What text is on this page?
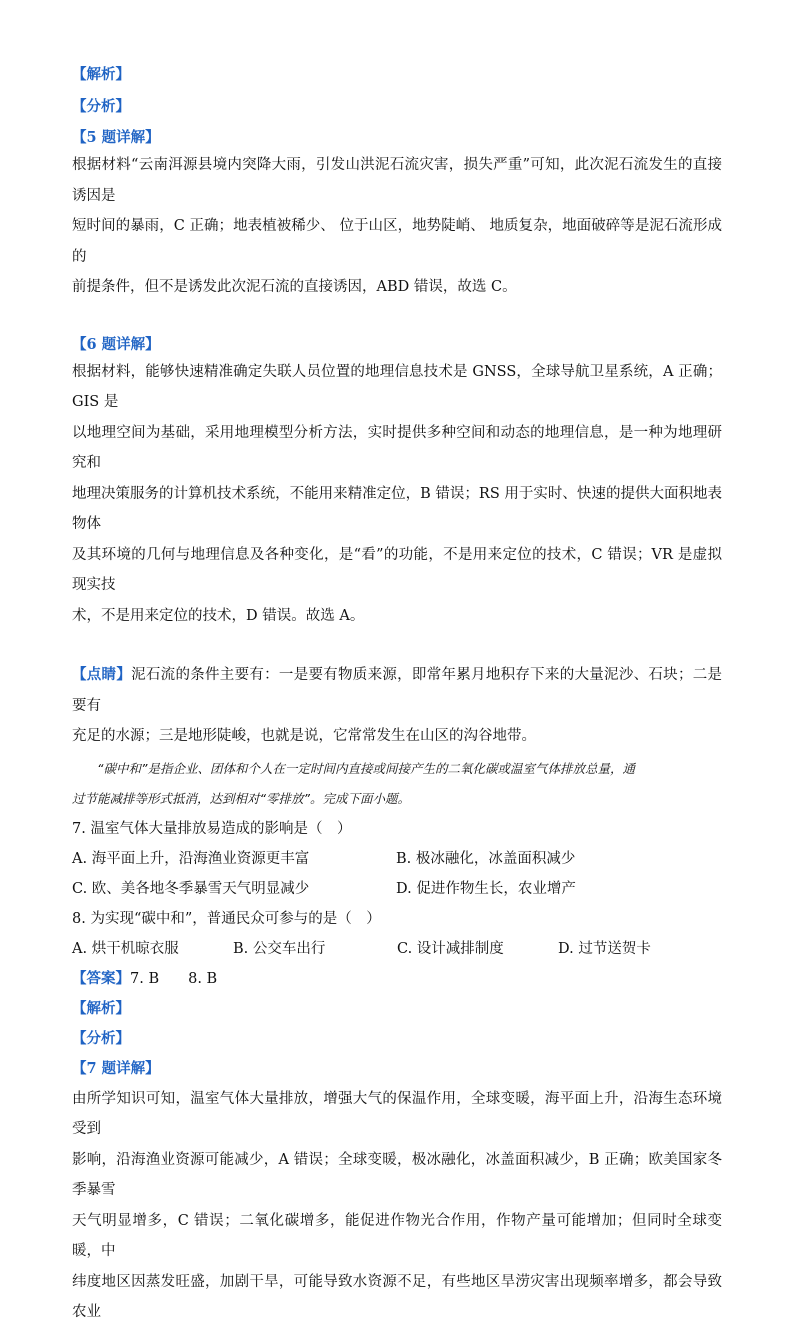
【解析】
【分析】
【5 题详解】

根据材料“云南洱源县境内突降大雨，引发山洪泥石流灾害，损失严重”可知，此次泥石流发生的直接诱因是

短时间的暴雨，C 正确；地表植被稀少、 位于山区，地势陡峭、 地质复杂，地面破碎等是泥石流形成的

前提条件，但不是诱发此次泥石流的直接诱因，ABD 错误，故选 C。

【6 题详解】

根据材料，能够快速精准确定失联人员位置的地理信息技术是 GNSS，全球导航卫星系统，A 正确；GIS 是

以地理空间为基础，采用地理模型分析方法，实时提供多种空间和动态的地理信息，是一种为地理研究和

地理决策服务的计算机技术系统，不能用来精准定位，B 错误；RS 用于实时、快速的提供大面积地表物体

及其环境的几何与地理信息及各种变化，是“看”的功能，不是用来定位的技术，C 错误；VR 是虚拟现实技

术，不是用来定位的技术，D 错误。故选 A。

【点睛】泥石流的条件主要有：一是要有物质来源，即常年累月地积存下来的大量泥沙、石块；二是要有

充足的水源；三是地形陡峻，也就是说，它常常发生在山区的沟谷地带。

“碳中和”是指企业、团体和个人在一定时间内直接或间接产生的二氧化碳或温室气体排放总量，通

过节能减排等形式抵消，达到相对“零排放”。完成下面小题。

7. 温室气体大量排放易造成的影响是（　）
A. 海平面上升，沿海渔业资源更丰富	B. 极冰融化，冰盖面积减少
C. 欧、美各地冬季暴雪天气明显减少	D. 促进作物生长，农业增产
8. 为实现“碳中和”，普通民众可参与的是（　）
A. 烘干机晾衣服	B. 公交车出行	C. 设计减排制度	D. 过节送贺卡
【答案】 7. B　　8. B
【解析】
【分析】
【7 题详解】

由所学知识可知，温室气体大量排放，增强大气的保温作用，全球变暖，海平面上升，沿海生态环境受到

影响，沿海渔业资源可能减少，A 错误；全球变暖，极冰融化，冰盖面积减少，B 正确；欧美国家冬季暴雪

天气明显增多，C 错误；二氧化碳增多，能促进作物光合作用，作物产量可能增加；但同时全球变暖，中

纬度地区因蒸发旺盛，加剧干旱，可能导致水资源不足，有些地区旱涝灾害出现频率增多，都会导致农业
